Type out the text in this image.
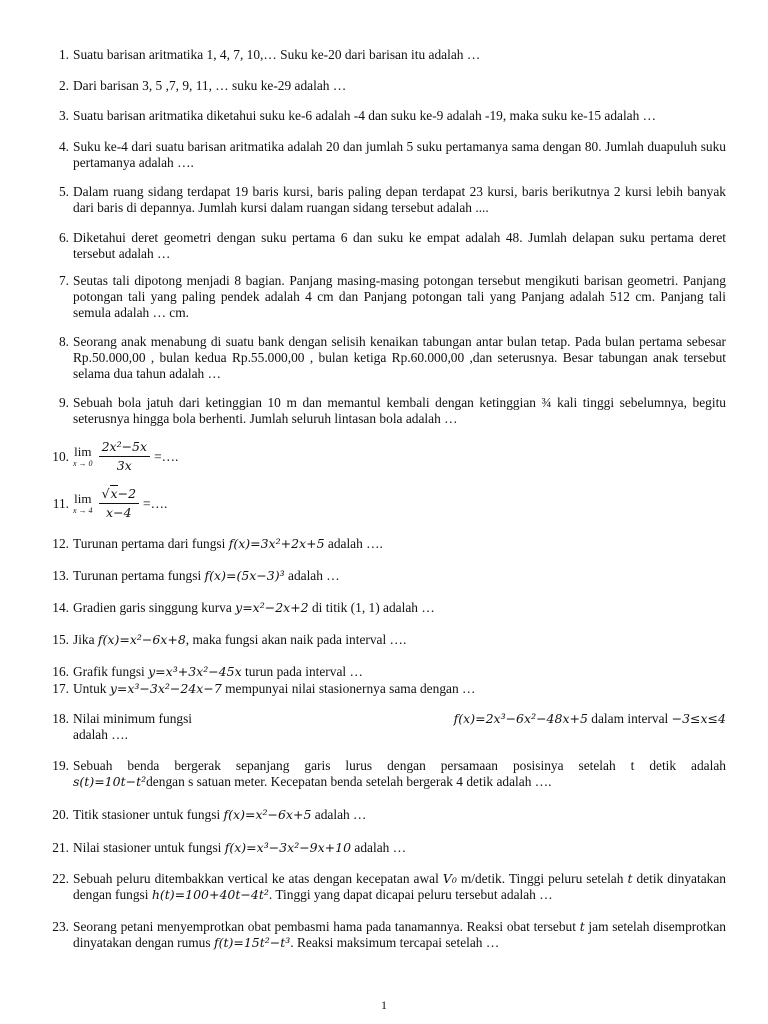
1. Suatu barisan aritmatika 1, 4, 7, 10,… Suku ke-20 dari barisan itu adalah …
2. Dari barisan 3, 5 ,7, 9, 11, … suku ke-29 adalah …
3. Suatu barisan aritmatika diketahui suku ke-6 adalah -4 dan suku ke-9 adalah -19, maka suku ke-15 adalah …
4. Suku ke-4 dari suatu barisan aritmatika adalah 20 dan jumlah 5 suku pertamanya sama dengan 80. Jumlah duapuluh suku pertamanya adalah ….
5. Dalam ruang sidang terdapat 19 baris kursi, baris paling depan terdapat 23 kursi, baris berikutnya 2 kursi lebih banyak dari baris di depannya. Jumlah kursi dalam ruangan sidang tersebut adalah ....
6. Diketahui deret geometri dengan suku pertama 6 dan suku ke empat adalah 48. Jumlah delapan suku pertama deret tersebut adalah …
7. Seutas tali dipotong menjadi 8 bagian. Panjang masing-masing potongan tersebut mengikuti barisan geometri. Panjang potongan tali yang paling pendek adalah 4 cm dan Panjang potongan tali yang Panjang adalah 512 cm. Panjang tali semula adalah … cm.
8. Seorang anak menabung di suatu bank dengan selisih kenaikan tabungan antar bulan tetap. Pada bulan pertama sebesar Rp.50.000,00 , bulan kedua Rp.55.000,00 , bulan ketiga Rp.60.000,00 ,dan seterusnya. Besar tabungan anak tersebut selama dua tahun adalah …
9. Sebuah bola jatuh dari ketinggian 10 m dan memantul kembali dengan ketinggian ¾ kali tinggi sebelumnya, begitu seterusnya hingga bola berhenti. Jumlah seluruh lintasan bola adalah …
10. lim
$x \to 0 \frac{\text{2x²−5x}}{3x}$ =….
11. lim
$x \to 4 \frac{√x-2}{x-4}$ =….
12. Turunan pertama dari fungsi f(x)=3x²+2x+5 adalah ….
13. Turunan pertama fungsi f(x)=(5x−3)³ adalah …
14. Gradien garis singgung kurva y=x²−2x+2 di titik (1, 1) adalah …
15. Jika f(x)=x²−6x+8, maka fungsi akan naik pada interval ….
16. Grafik fungsi y=x³+3x²−45x turun pada interval …
17. Untuk y=x³−3x²−24x−7 mempunyai nilai stasionernya sama dengan …
18. Nilai minimum fungsi	f(x)=2x³−6x²−48x+5 dalam interval −3≤x≤4
adalah ….
19. Sebuah benda bergerak sepanjang garis lurus dengan persamaan posisinya setelah t detik adalah
s(t)=10t−t²dengan s satuan meter. Kecepatan benda setelah bergerak 4 detik adalah ….
20. Titik stasioner untuk fungsi f(x)=x²−6x+5 adalah …
21. Nilai stasioner untuk fungsi f(x)=x³−3x²−9x+10 adalah …
22. Sebuah peluru ditembakkan vertical ke atas dengan kecepatan awal V₀ m/detik. Tinggi peluru setelah t detik dinyatakan dengan fungsi h(t)=100+40t−4t². Tinggi yang dapat dicapai peluru tersebut adalah …
23. Seorang petani menyemprotkan obat pembasmi hama pada tanamannya. Reaksi obat tersebut t jam setelah disemprotkan dinyatakan dengan rumus f(t)=15t²−t³. Reaksi maksimum tercapai setelah …
1
